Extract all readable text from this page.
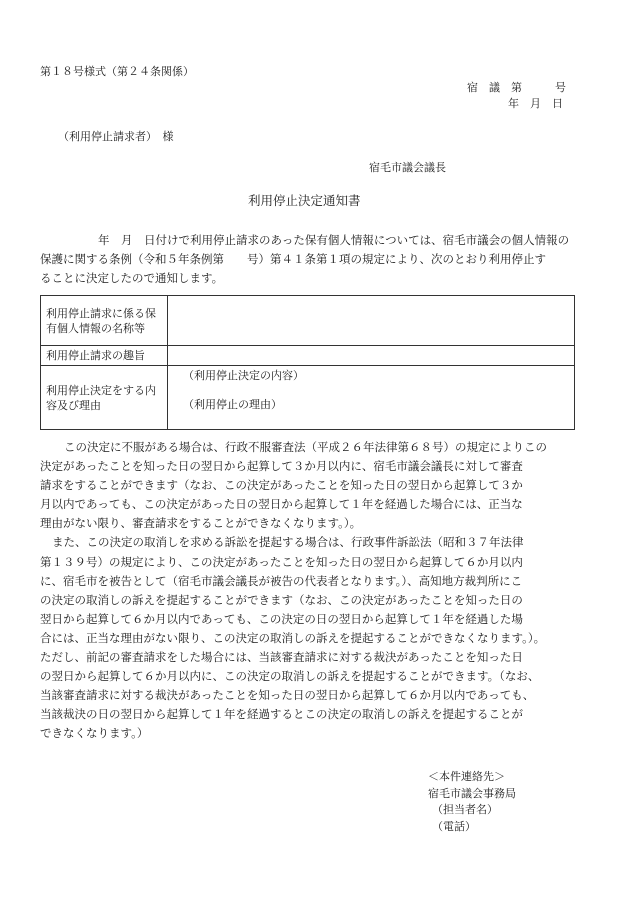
第１８号様式（第２４条関係）
宿　議　第　　　号
年　月　日
（利用停止請求者）　様
宿毛市議会議長
利用停止決定通知書
年　月　日付けで利用停止請求のあった保有個人情報については、宿毛市議会の個人情報の
保護に関する条例（令和５年条例第　　号）第４１条第１項の規定により、次のとおり利用停止す
ることに決定したので通知します。
利用停止請求に係る保有個人情報の名称等	
利用停止請求の趣旨	
利用停止決定をする内容及び理由	（利用停止決定の内容）
（利用停止の理由）
この決定に不服がある場合は、行政不服審査法（平成２６年法律第６８号）の規定によりこの
決定があったことを知った日の翌日から起算して３か月以内に、宿毛市議会議長に対して審査
請求をすることができます（なお、この決定があったことを知った日の翌日から起算して３か
月以内であっても、この決定があった日の翌日から起算して１年を経過した場合には、正当な
理由がない限り、審査請求をすることができなくなります。）。
また、この決定の取消しを求める訴訟を提起する場合は、行政事件訴訟法（昭和３７年法律
第１３９号）の規定により、この決定があったことを知った日の翌日から起算して６か月以内
に、宿毛市を被告として（宿毛市議会議長が被告の代表者となります。）、高知地方裁判所にこ
の決定の取消しの訴えを提起することができます（なお、この決定があったことを知った日の
翌日から起算して６か月以内であっても、この決定の日の翌日から起算して１年を経過した場
合には、正当な理由がない限り、この決定の取消しの訴えを提起することができなくなります。）。
ただし、前記の審査請求をした場合には、当該審査請求に対する裁決があったことを知った日
の翌日から起算して６か月以内に、この決定の取消しの訴えを提起することができます。（なお、
当該審査請求に対する裁決があったことを知った日の翌日から起算して６か月以内であっても、
当該裁決の日の翌日から起算して１年を経過するとこの決定の取消しの訴えを提起することが
できなくなります。）
＜本件連絡先＞
宿毛市議会事務局
（担当者名）
（電話）
